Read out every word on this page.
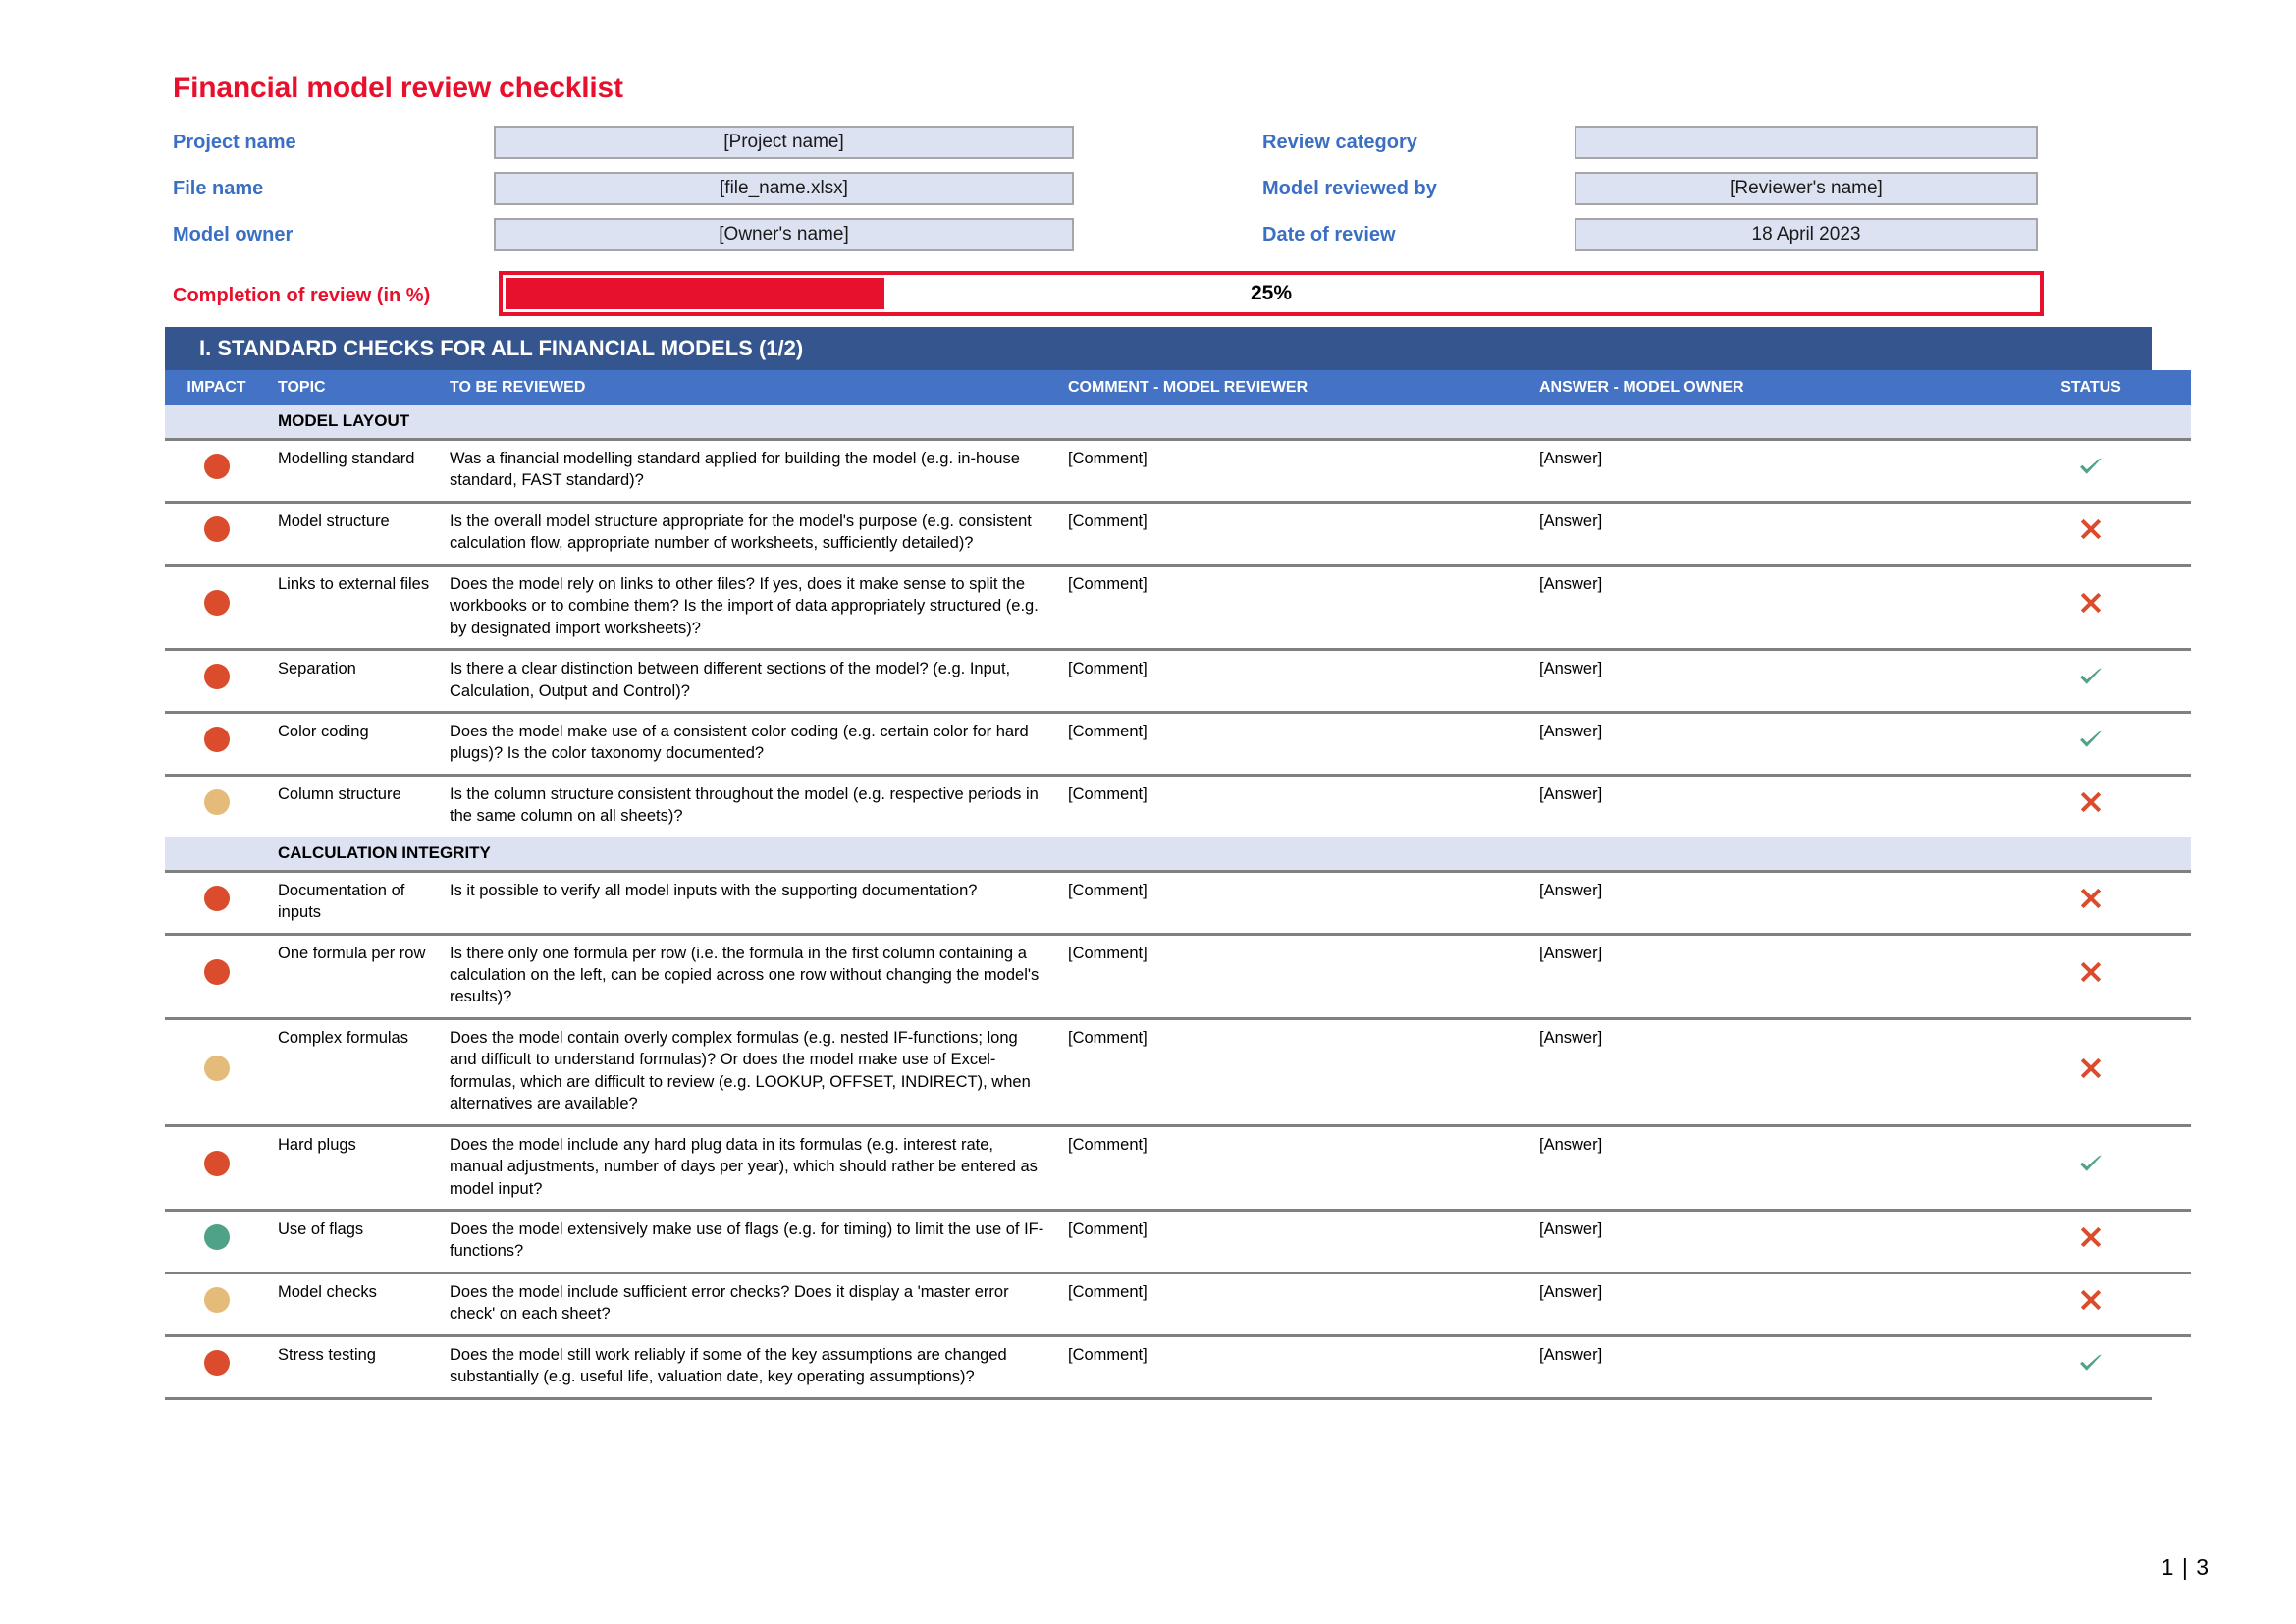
Financial model review checklist
Project name	[Project name]
File name	[file_name.xlsx]
Model owner	[Owner's name]
Review category
Model reviewed by	[Reviewer's name]
Date of review	18 April 2023
Completion of review (in %)	25%
I. STANDARD CHECKS FOR ALL FINANCIAL MODELS (1/2)
IMPACT	TOPIC	TO BE REVIEWED	COMMENT - MODEL REVIEWER	ANSWER - MODEL OWNER	STATUS
	MODEL LAYOUT				
	Modelling standard	Was a financial modelling standard applied for building the model (e.g. in-house standard, FAST standard)?	[Comment]	[Answer]	
	Model structure	Is the overall model structure appropriate for the model's purpose (e.g. consistent calculation flow, appropriate number of worksheets, sufficiently detailed)?	[Comment]	[Answer]	
	Links to external files	Does the model rely on links to other files? If yes, does it make sense to split the workbooks or to combine them? Is the import of data appropriately structured (e.g. by designated import worksheets)?	[Comment]	[Answer]	
	Separation	Is there a clear distinction between different sections of the model? (e.g. Input, Calculation, Output and Control)?	[Comment]	[Answer]	
	Color coding	Does the model make use of a consistent color coding (e.g. certain color for hard plugs)? Is the color taxonomy documented?	[Comment]	[Answer]	
	Column structure	Is the column structure consistent throughout the model (e.g. respective periods in the same column on all sheets)?	[Comment]	[Answer]	
	CALCULATION INTEGRITY				
	Documentation of inputs	Is it possible to verify all model inputs with the supporting documentation?	[Comment]	[Answer]	
	One formula per row	Is there only one formula per row (i.e. the formula in the first column containing a calculation on the left, can be copied across one row without changing the model's results)?	[Comment]	[Answer]	
	Complex formulas	Does the model contain overly complex formulas (e.g. nested IF-functions; long and difficult to understand formulas)? Or does the model make use of Excel-formulas, which are difficult to review (e.g. LOOKUP, OFFSET, INDIRECT), when alternatives are available?	[Comment]	[Answer]	
	Hard plugs	Does the model include any hard plug data in its formulas (e.g. interest rate, manual adjustments, number of days per year), which should rather be entered as model input?	[Comment]	[Answer]	
	Use of flags	Does the model extensively make use of flags (e.g. for timing) to limit the use of IF-functions?	[Comment]	[Answer]	
	Model checks	Does the model include sufficient error checks? Does it display a 'master error check' on each sheet?	[Comment]	[Answer]	
	Stress testing	Does the model still work reliably if some of the key assumptions are changed substantially (e.g. useful life, valuation date, key operating assumptions)?	[Comment]	[Answer]	
1 | 3
